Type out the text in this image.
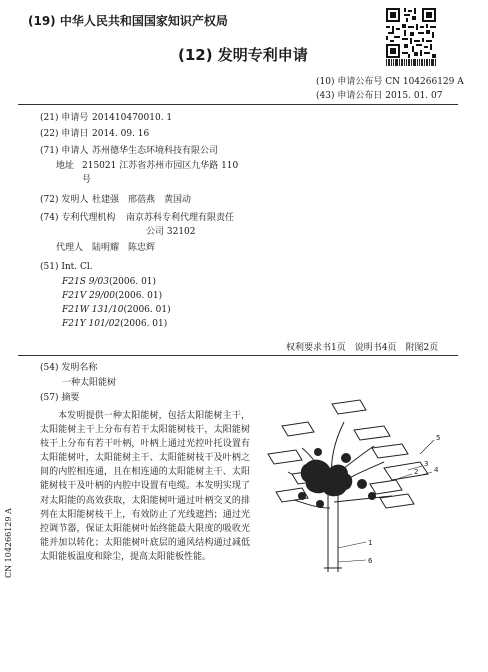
(19) 中华人民共和国国家知识产权局
(12) 发明专利申请
(10) 申请公布号 CN 104266129 A
(43) 申请公布日 2015. 01. 07
(21) 申请号 201410470010. 1
(22) 申请日 2014. 09. 16
(71) 申请人 苏州德华生态环境科技有限公司
地址 215021 江苏省苏州市园区九华路 110
号
(72) 发明人 杜建强　邢蓓燕　黄国动
(74) 专利代理机构 南京苏科专利代理有限责任
公司 32102
代理人 陆明耀　陈忠辉
(51) Int. Cl.
F21S 9/03(2006. 01)
F21V 29/00(2006. 01)
F21W 131/10(2006. 01)
F21Y 101/02(2006. 01)
权利要求书1页　说明书4页　附图2页
(54) 发明名称
一种太阳能树
(57) 摘要
本发明提供一种太阳能树，包括太阳能树主干，太阳能树主干上分布有若干太阳能树枝干，太阳能树枝干上分布有若干叶柄，叶柄上通过光控叶托设置有太阳能树叶，太阳能树主干、太阳能树枝干及叶柄之间的内腔相连通，且在相连通的太阳能树主干、太阳能树枝干及叶柄的内腔中设置有电缆。本发明实现了对太阳能的高效获取，太阳能树叶通过叶柄交叉的排列在太阳能树枝干上，有效防止了光线遮挡；通过光控调节器，保证太阳能树叶始终能最大限度的吸收光能并加以转化；太阳能树叶底层的通风结构通过减低太阳能板温度和除尘，提高太阳能板性能。
1
2
3
4
5
6
CN 104266129 A
